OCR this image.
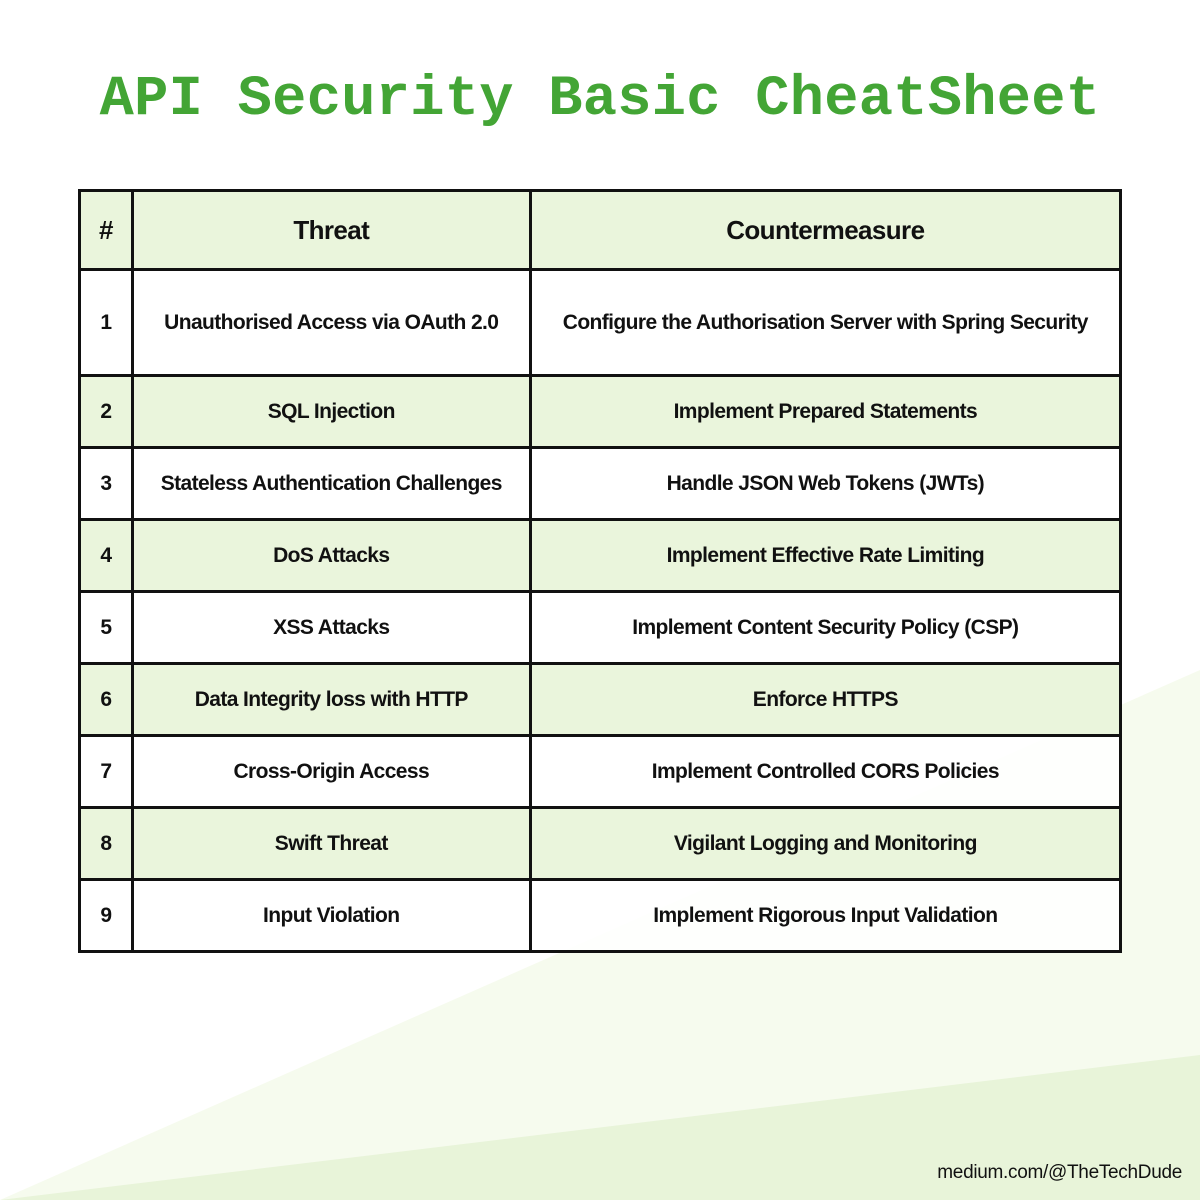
API Security Basic CheatSheet
#	Threat	Countermeasure
1	Unauthorised Access via OAuth 2.0	Configure the Authorisation Server with Spring Security
2	SQL Injection	Implement Prepared Statements
3	Stateless Authentication Challenges	Handle JSON Web Tokens (JWTs)
4	DoS Attacks	Implement Effective Rate Limiting
5	XSS Attacks	Implement Content Security Policy (CSP)
6	Data Integrity loss with HTTP	Enforce HTTPS
7	Cross-Origin Access	Implement Controlled CORS Policies
8	Swift Threat	Vigilant Logging and Monitoring
9	Input Violation	Implement Rigorous Input Validation
medium.com/@TheTechDude
